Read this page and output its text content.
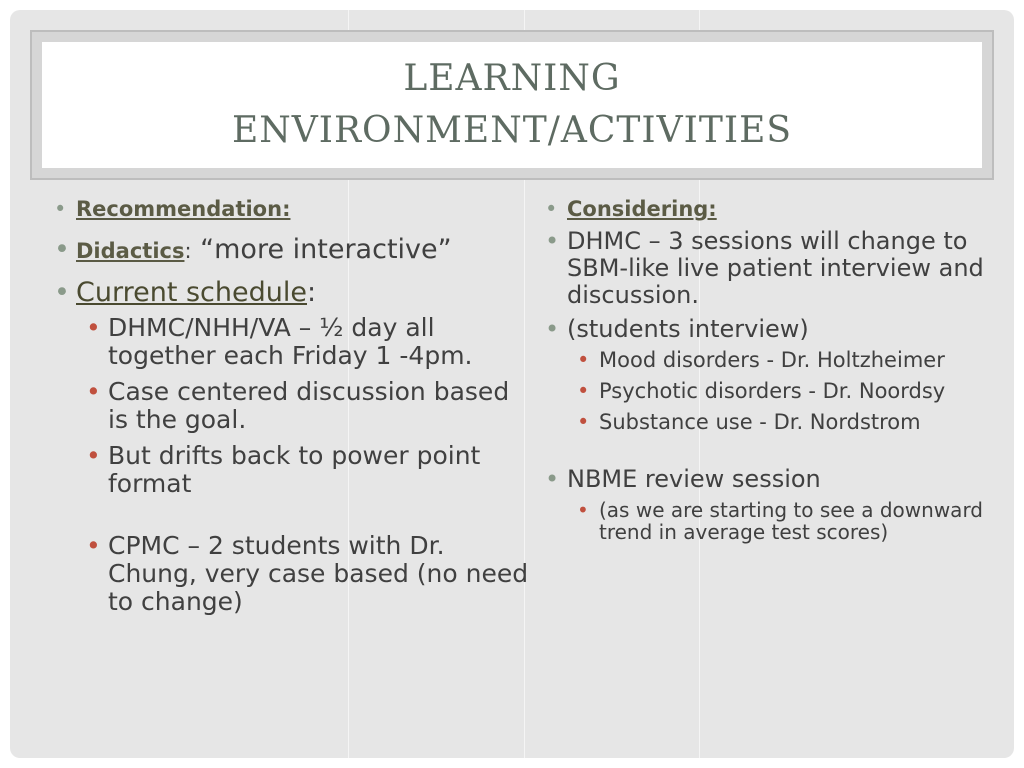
LEARNING
ENVIRONMENT/ACTIVITIES
• Recommendation:
• Didactics: “more interactive”
• Current schedule:
• DHMC/NHH/VA – ½ day all together each Friday 1 -4pm.
• Case centered discussion based is the goal.
• But drifts back to power point format
• CPMC – 2 students with Dr. Chung, very case based (no need to change)
• Considering:
• DHMC – 3 sessions will change to SBM-like live patient interview and discussion.
• (students interview)
• Mood disorders - Dr. Holtzheimer
• Psychotic disorders - Dr. Noordsy
• Substance use - Dr. Nordstrom
• NBME review session
• (as we are starting to see a downward trend in average test scores)
